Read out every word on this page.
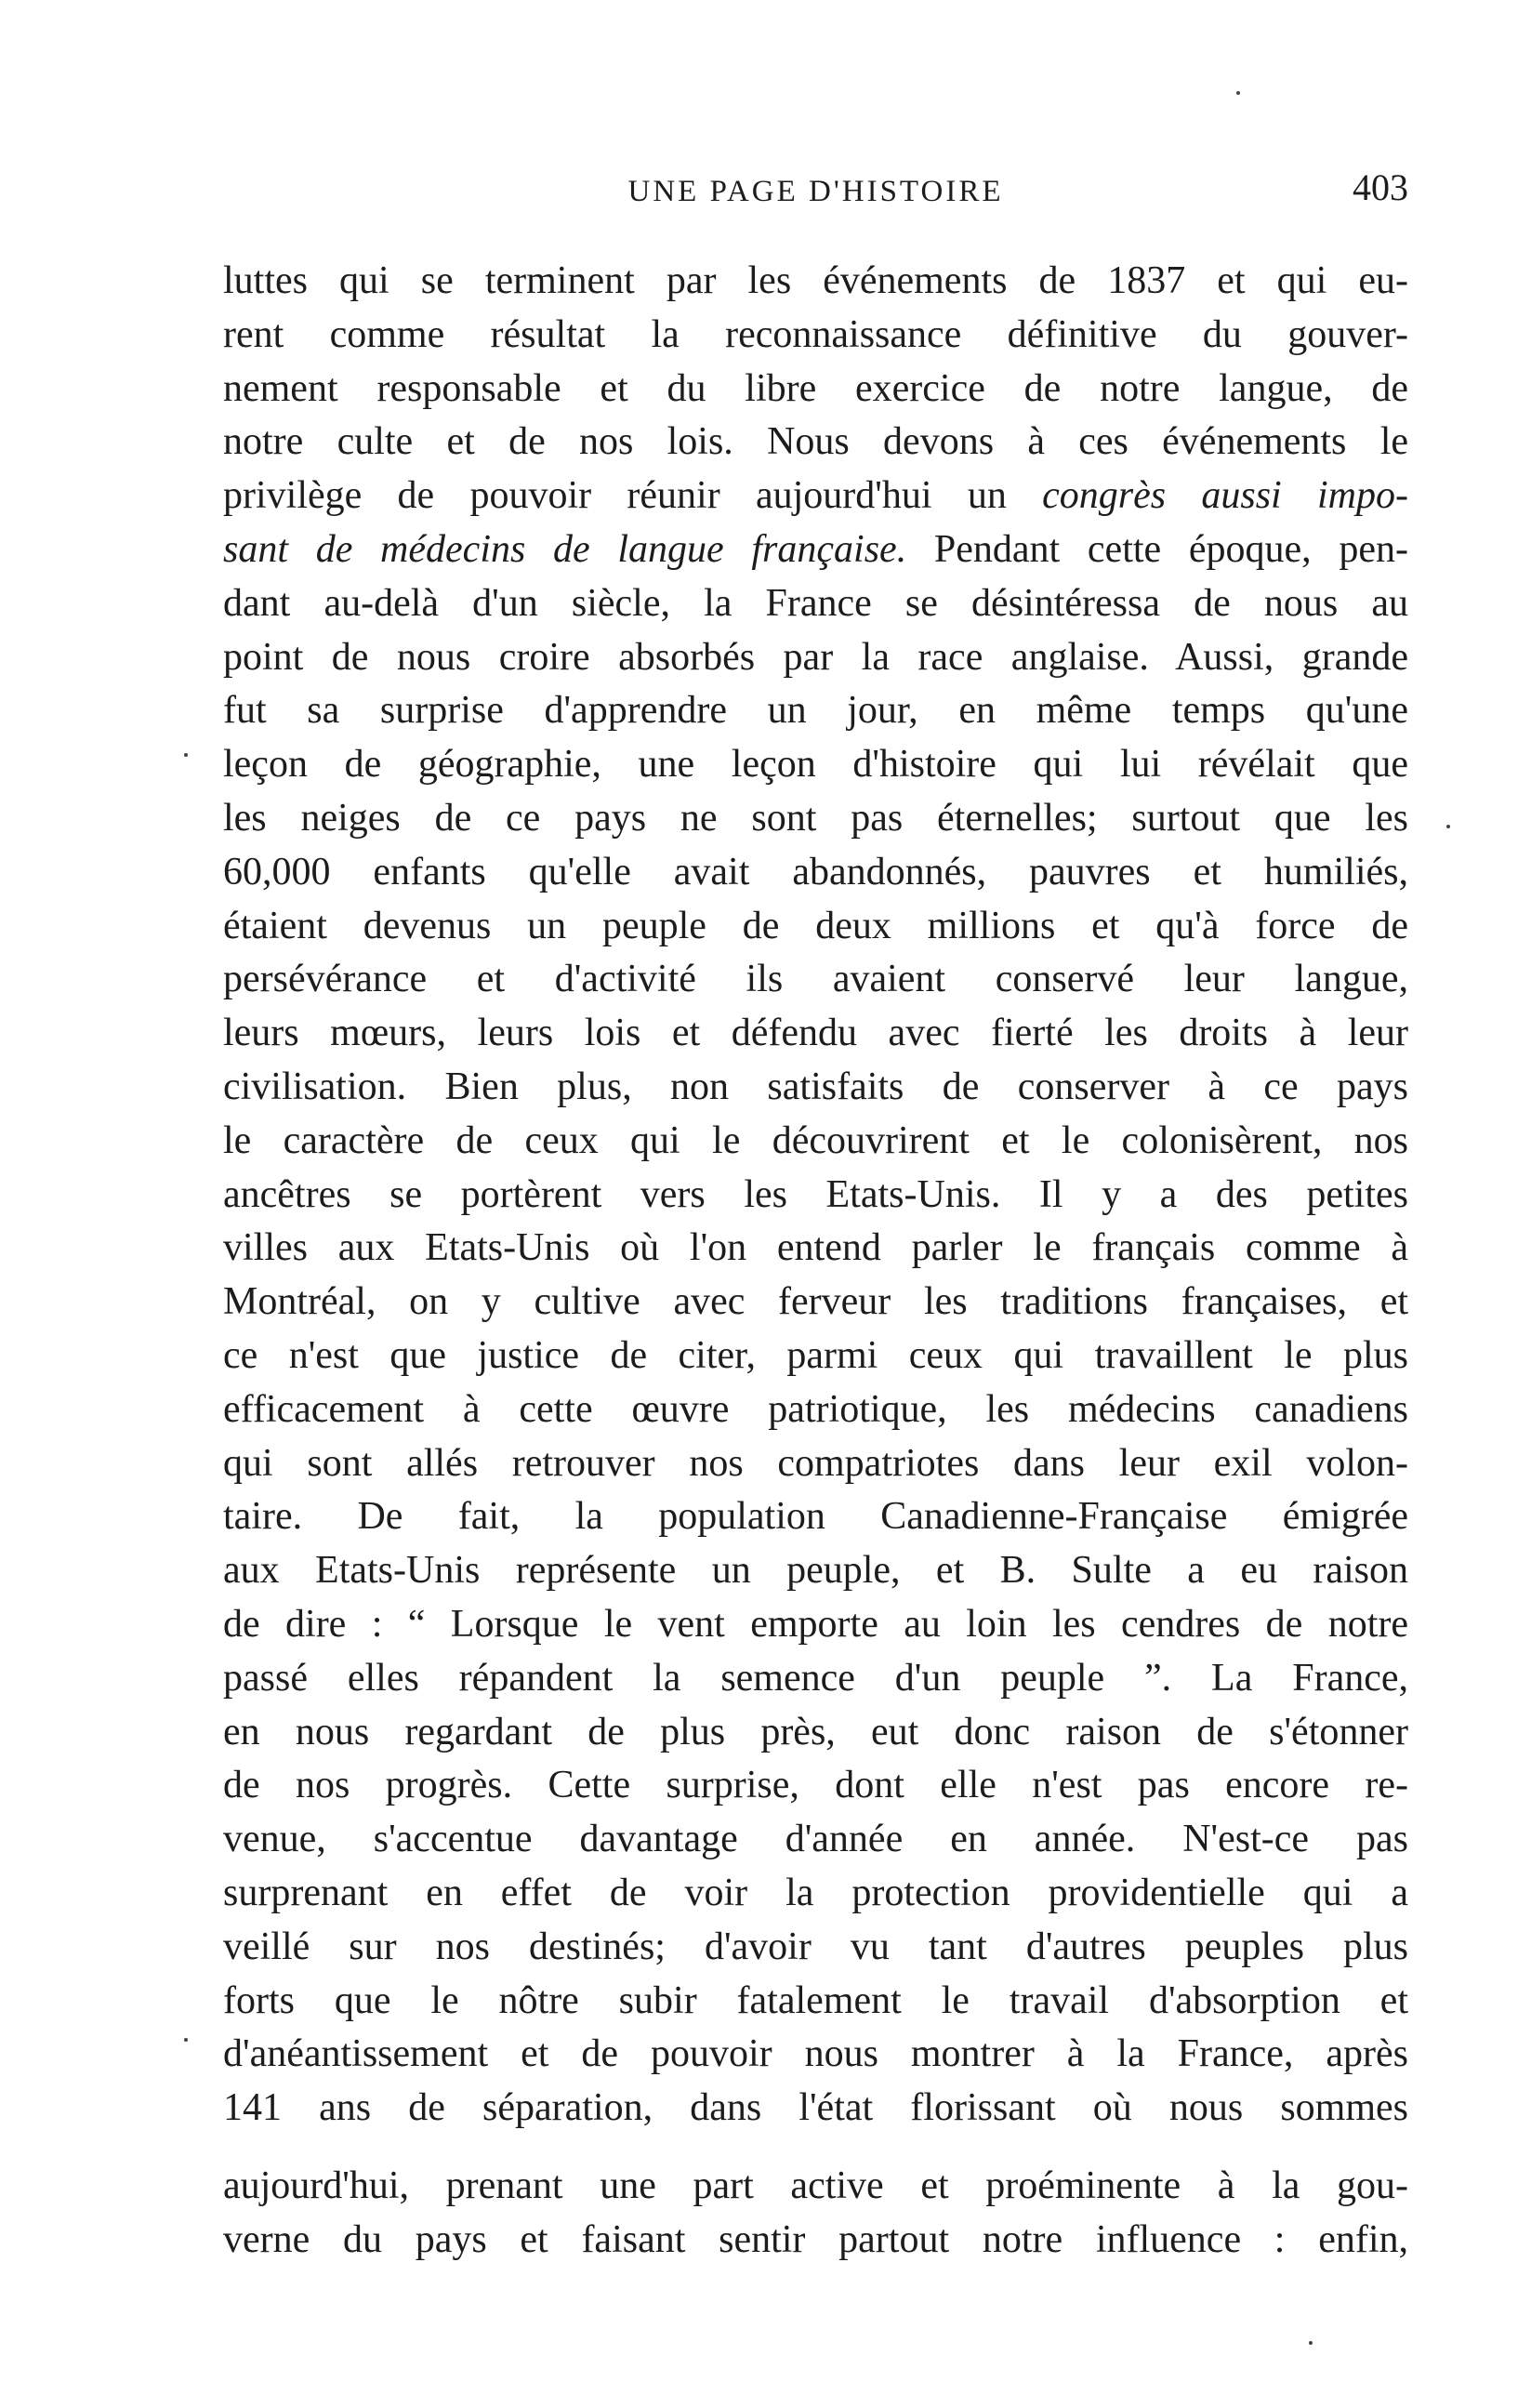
UNE PAGE D'HISTOIRE	403
luttes qui se terminent par les événements de 1837 et qui eu-
rent comme résultat la reconnaissance définitive du gouver-
nement responsable et du libre exercice de notre langue, de
notre culte et de nos lois. Nous devons à ces événements le
privilège de pouvoir réunir aujourd'hui un congrès aussi impo-
sant de médecins de langue française. Pendant cette époque, pen-
dant au-delà d'un siècle, la France se désintéressa de nous au
point de nous croire absorbés par la race anglaise. Aussi, grande
fut sa surprise d'apprendre un jour, en même temps qu'une
leçon de géographie, une leçon d'histoire qui lui révélait que
les neiges de ce pays ne sont pas éternelles; surtout que les
60,000 enfants qu'elle avait abandonnés, pauvres et humiliés,
étaient devenus un peuple de deux millions et qu'à force de
persévérance et d'activité ils avaient conservé leur langue,
leurs mœurs, leurs lois et défendu avec fierté les droits à leur
civilisation. Bien plus, non satisfaits de conserver à ce pays
le caractère de ceux qui le découvrirent et le colonisèrent, nos
ancêtres se portèrent vers les Etats-Unis. Il y a des petites
villes aux Etats-Unis où l'on entend parler le français comme à
Montréal, on y cultive avec ferveur les traditions françaises, et
ce n'est que justice de citer, parmi ceux qui travaillent le plus
efficacement à cette œuvre patriotique, les médecins canadiens
qui sont allés retrouver nos compatriotes dans leur exil volon-
taire. De fait, la population Canadienne-Française émigrée
aux Etats-Unis représente un peuple, et B. Sulte a eu raison
de dire : “ Lorsque le vent emporte au loin les cendres de notre
passé elles répandent la semence d'un peuple ”. La France,
en nous regardant de plus près, eut donc raison de s'étonner
de nos progrès. Cette surprise, dont elle n'est pas encore re-
venue, s'accentue davantage d'année en année. N'est-ce pas
surprenant en effet de voir la protection providentielle qui a
veillé sur nos destinés; d'avoir vu tant d'autres peuples plus
forts que le nôtre subir fatalement le travail d'absorption et
d'anéantissement et de pouvoir nous montrer à la France, après
141 ans de séparation, dans l'état florissant où nous sommes
aujourd'hui, prenant une part active et proéminente à la gou-
verne du pays et faisant sentir partout notre influence : enfin,
